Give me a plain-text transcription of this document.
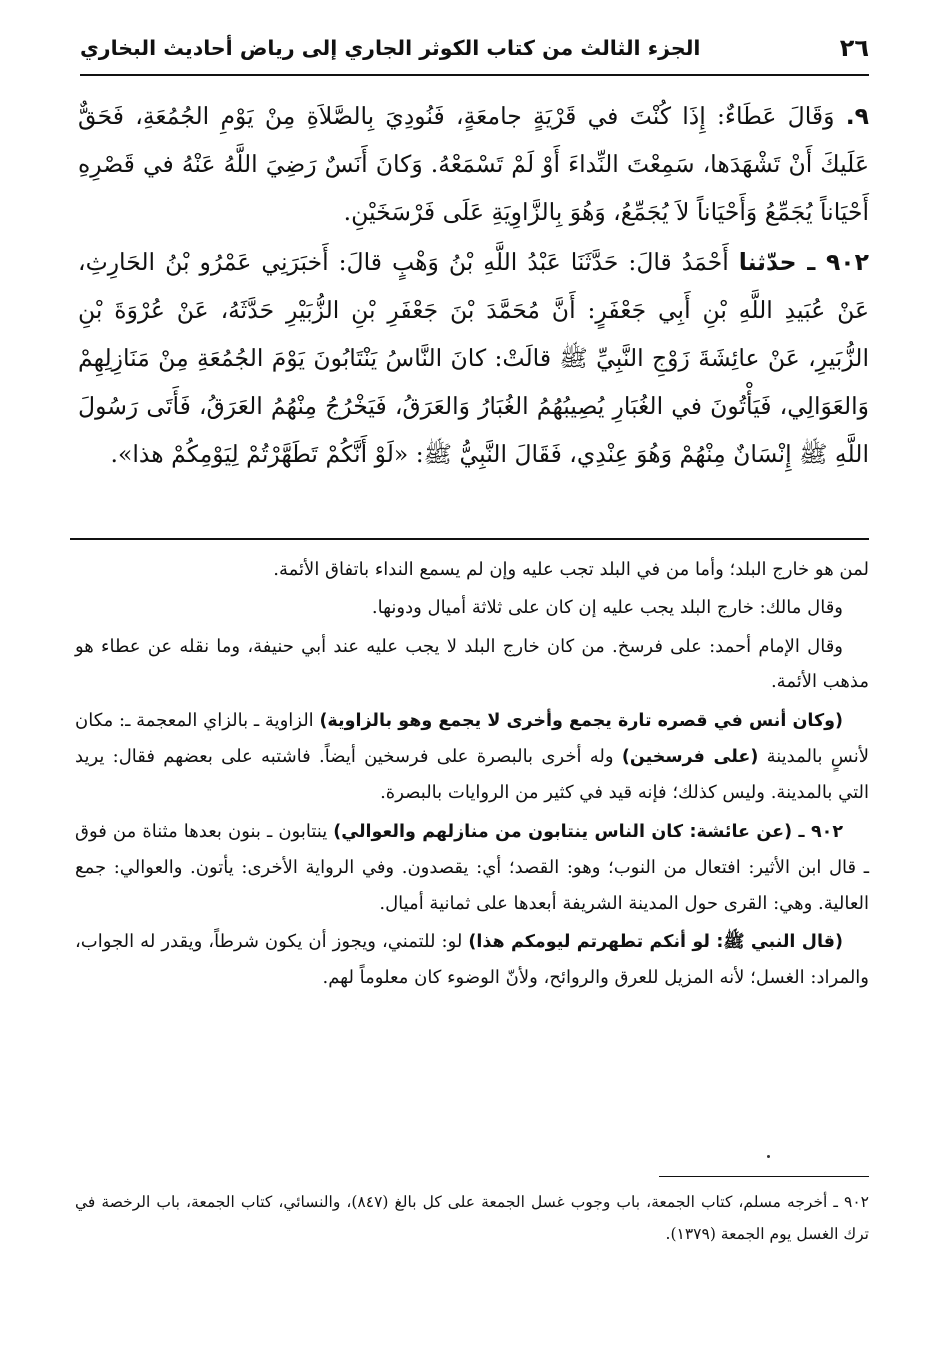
٢٦
الجزء الثالث من كتاب الكوثر الجاري إلى رياض أحاديث البخاري

٩. وَقَالَ عَطَاءٌ: إِذَا كُنْتَ في قَرْيَةٍ جامعَةٍ، فَنُودِيَ بِالصَّلاَةِ مِنْ يَوْمِ الجُمُعَةِ، فَحَقٌّ عَلَيكَ أَنْ تَشْهَدَها، سَمِعْتَ النِّداءَ أَوْ لَمْ تَسْمَعْهُ. وَكانَ أَنَسٌ رَضِيَ اللَّهُ عَنْهُ في قَصْرِهِ أَحْيَاناً يُجَمِّعُ وَأَحْيَاناً لاَ يُجَمِّعُ، وَهُوَ بِالزَّاوِيَةِ عَلَى فَرْسَخَيْنِ.

٩٠٢ ـ حدّثنا أَحْمَدُ قالَ: حَدَّثَنَا عَبْدُ اللَّهِ بْنُ وَهْبٍ قالَ: أَخبَرَنِي عَمْرُو بْنُ الحَارِثِ، عَنْ عُبَيدِ اللَّهِ بْنِ أَبِي جَعْفَرٍ: أَنَّ مُحَمَّدَ بْنَ جَعْفَرِ بْنِ الزُّبَيْرِ حَدَّثَهُ، عَنْ عُرْوَةَ بْنِ الزُّبَيرِ، عَنْ عائِشَةَ زَوْجِ النَّبِيِّ ﷺ قالَتْ: كانَ النَّاسُ يَنْتَابُونَ يَوْمَ الجُمُعَةِ مِنْ مَنَازِلِهِمْ وَالعَوَالِي، فَيَأْتُونَ في الغُبَارِ يُصِيبُهُمُ الغُبَارُ وَالعَرَقُ، فَيَخْرُجُ مِنْهُمُ العَرَقُ، فَأَتَى رَسُولَ اللَّهِ ﷺ إِنْسَانٌ مِنْهُمْ وَهُوَ عِنْدِي، فَقَالَ النَّبِيُّ ﷺ: «لَوْ أَنَّكُمْ تَطَهَّرْتُمْ لِيَوْمِكُمْ هذا».

لمن هو خارج البلد؛ وأما من في البلد تجب عليه وإن لم يسمع النداء باتفاق الأئمة.

وقال مالك: خارج البلد يجب عليه إن كان على ثلاثة أميال ودونها.

وقال الإمام أحمد: على فرسخ. من كان خارج البلد لا يجب عليه عند أبي حنيفة، وما نقله عن عطاء هو مذهب الأئمة.

(وكان أنس في قصره تارة يجمع وأخرى لا يجمع وهو بالزاوية) الزاوية ـ بالزاي المعجمة ـ: مكان لأنسٍ بالمدينة (على فرسخين) وله أخرى بالبصرة على فرسخين أيضاً. فاشتبه على بعضهم فقال: يريد التي بالمدينة. وليس كذلك؛ فإنه قيد في كثير من الروايات بالبصرة.

٩٠٢ ـ (عن عائشة: كان الناس ينتابون من منازلهم والعوالي) ينتابون ـ بنون بعدها مثناة من فوق ـ قال ابن الأثير: افتعال من النوب؛ وهو: القصد؛ أي: يقصدون. وفي الرواية الأخرى: يأتون. والعوالي: جمع العالية. وهي: القرى حول المدينة الشريفة أبعدها على ثمانية أميال.

(قال النبي ﷺ: لو أنكم تطهرتم ليومكم هذا) لو: للتمني، ويجوز أن يكون شرطاً، ويقدر له الجواب، والمراد: الغسل؛ لأنه المزيل للعرق والروائح، ولأنّ الوضوء كان معلوماً لهم.

٩٠٢ ـ أخرجه مسلم، كتاب الجمعة، باب وجوب غسل الجمعة على كل بالغ (٨٤٧)، والنسائي، كتاب الجمعة، باب الرخصة في ترك الغسل يوم الجمعة (١٣٧٩).
